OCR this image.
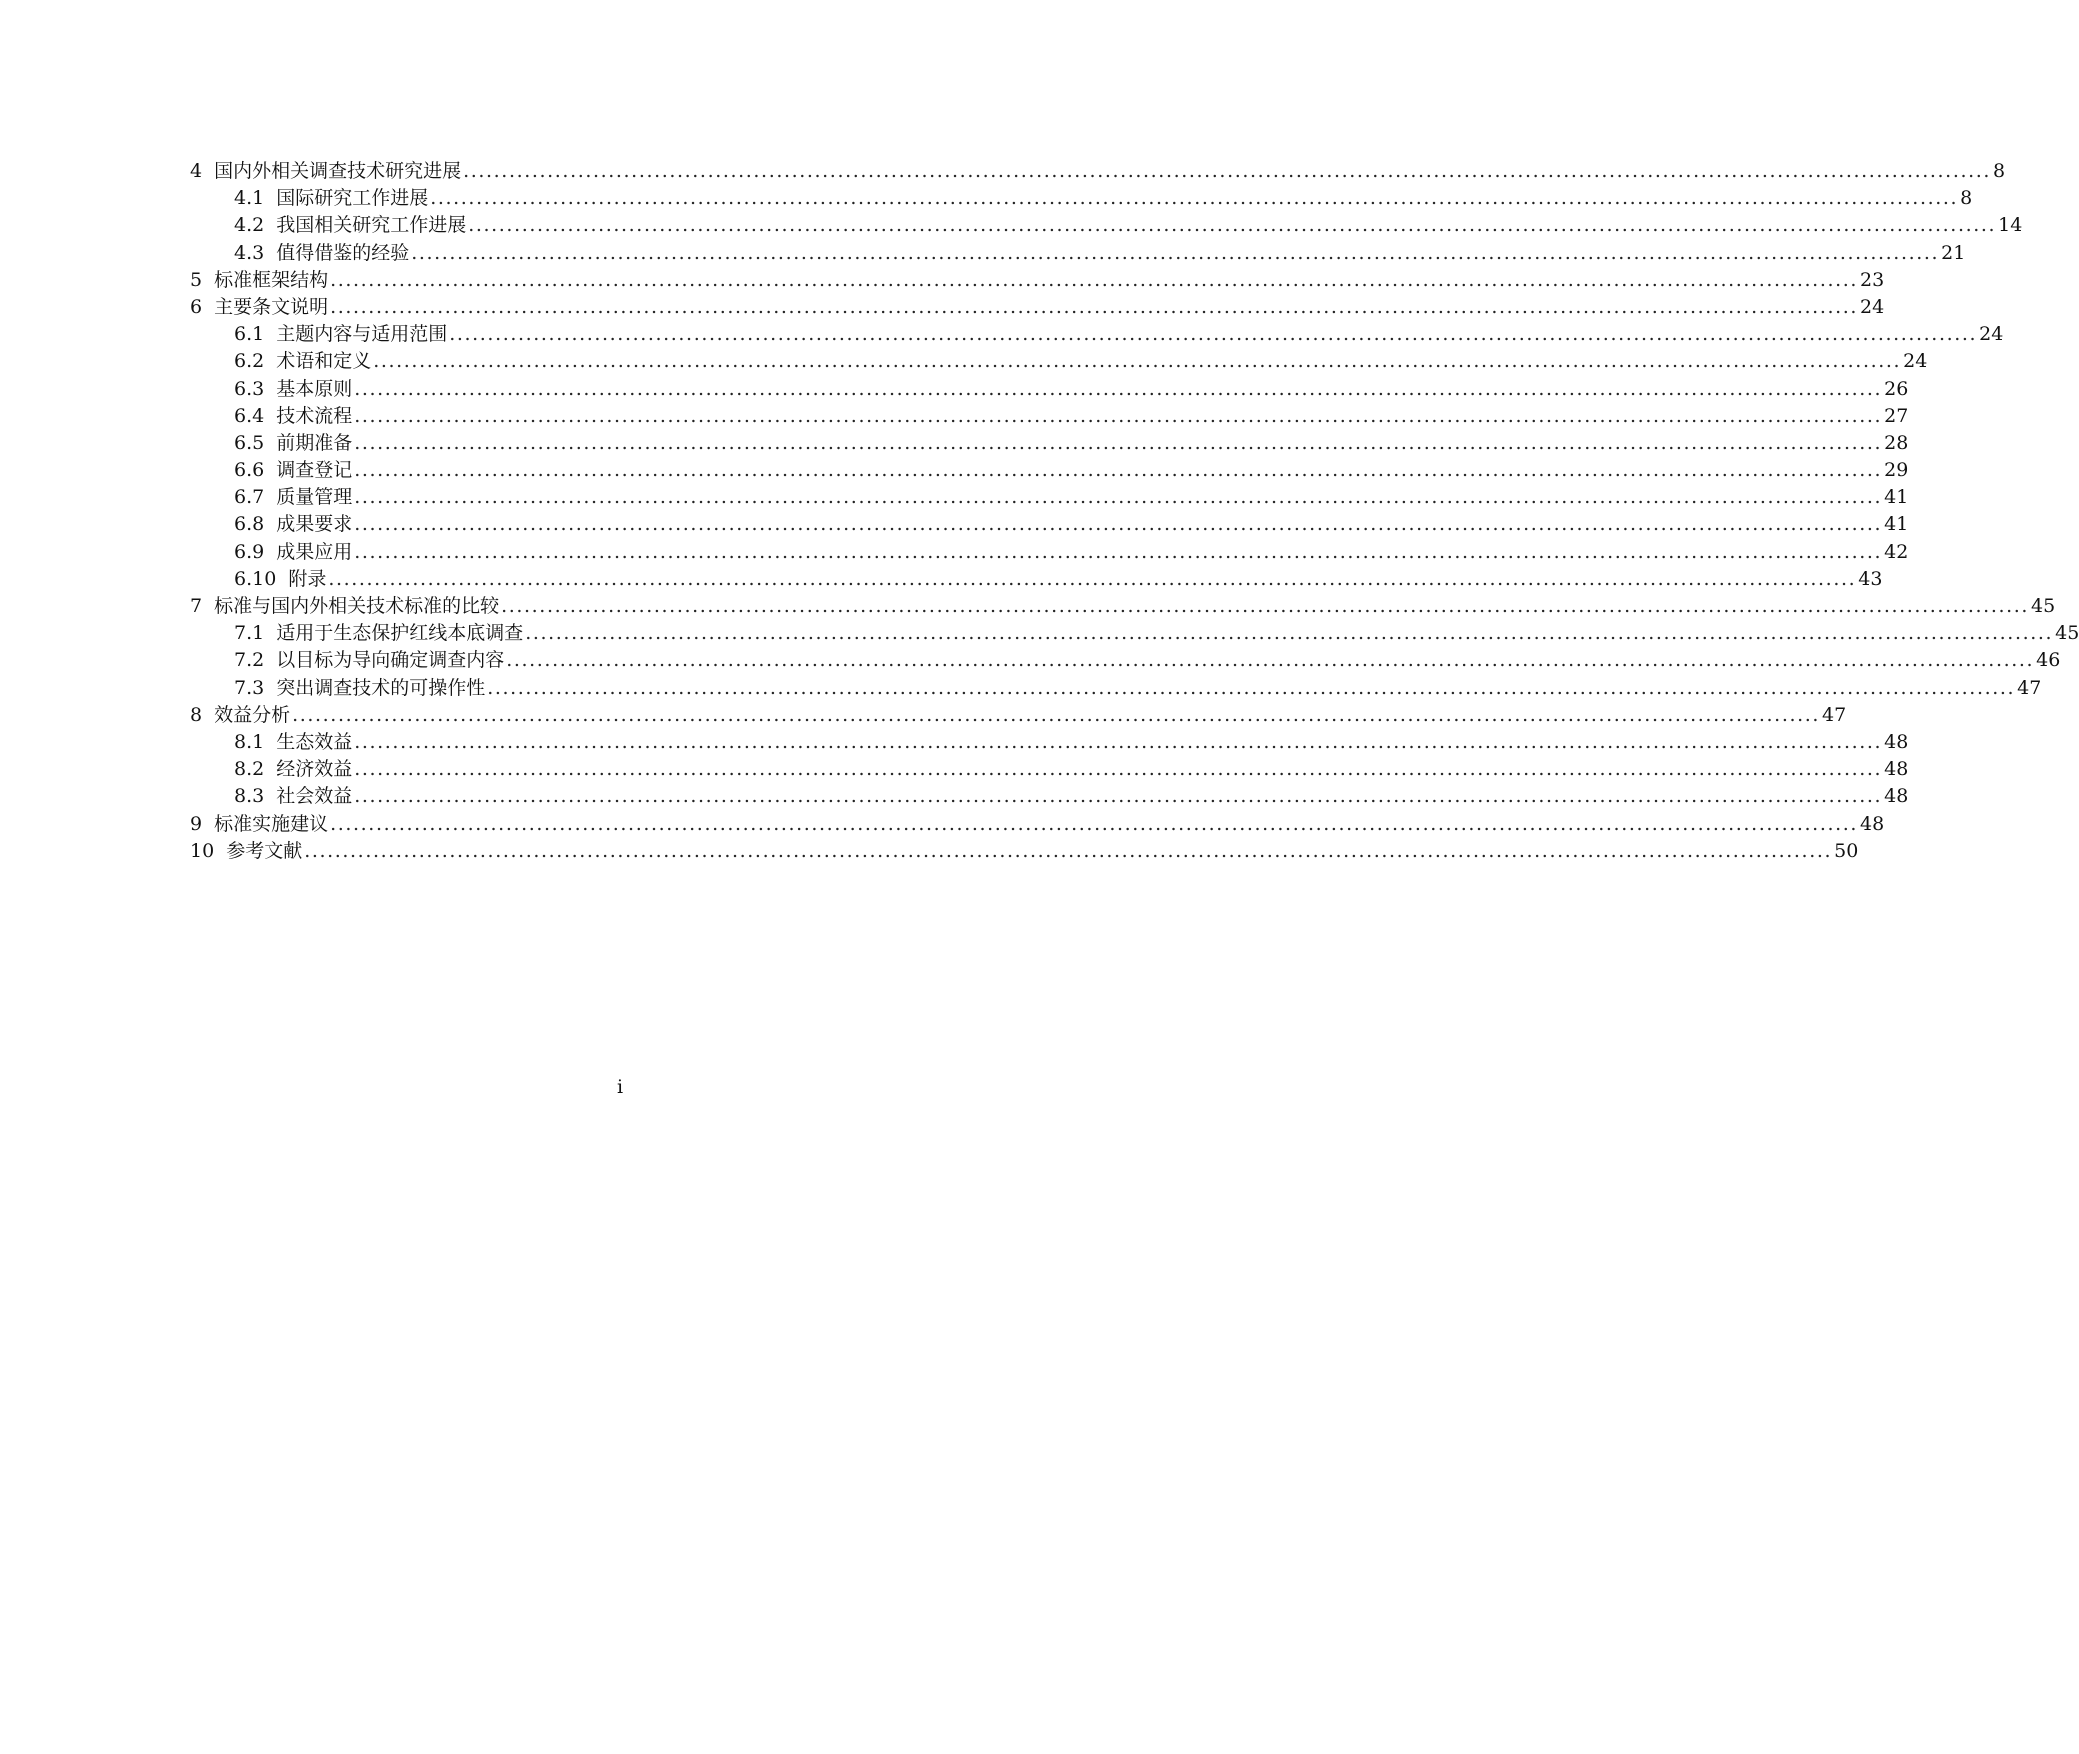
4 国内外相关调查技术研究进展 ........................................................................................................................................................................................................ 8
4.1 国际研究工作进展 ........................................................................................................................................................................................................ 8
4.2 我国相关研究工作进展 ........................................................................................................................................................................................................ 14
4.3 值得借鉴的经验 ........................................................................................................................................................................................................ 21
5 标准框架结构 ........................................................................................................................................................................................................ 23
6 主要条文说明 ........................................................................................................................................................................................................ 24
6.1 主题内容与适用范围 ........................................................................................................................................................................................................ 24
6.2 术语和定义 ........................................................................................................................................................................................................ 24
6.3 基本原则 ........................................................................................................................................................................................................ 26
6.4 技术流程 ........................................................................................................................................................................................................ 27
6.5 前期准备 ........................................................................................................................................................................................................ 28
6.6 调查登记 ........................................................................................................................................................................................................ 29
6.7 质量管理 ........................................................................................................................................................................................................ 41
6.8 成果要求 ........................................................................................................................................................................................................ 41
6.9 成果应用 ........................................................................................................................................................................................................ 42
6.10 附录 ........................................................................................................................................................................................................ 43
7 标准与国内外相关技术标准的比较 ........................................................................................................................................................................................................ 45
7.1 适用于生态保护红线本底调查 ........................................................................................................................................................................................................ 45
7.2 以目标为导向确定调查内容 ........................................................................................................................................................................................................ 46
7.3 突出调查技术的可操作性 ........................................................................................................................................................................................................ 47
8 效益分析 ........................................................................................................................................................................................................ 47
8.1 生态效益 ........................................................................................................................................................................................................ 48
8.2 经济效益 ........................................................................................................................................................................................................ 48
8.3 社会效益 ........................................................................................................................................................................................................ 48
9 标准实施建议 ........................................................................................................................................................................................................ 48
10 参考文献 ........................................................................................................................................................................................................ 50
i
